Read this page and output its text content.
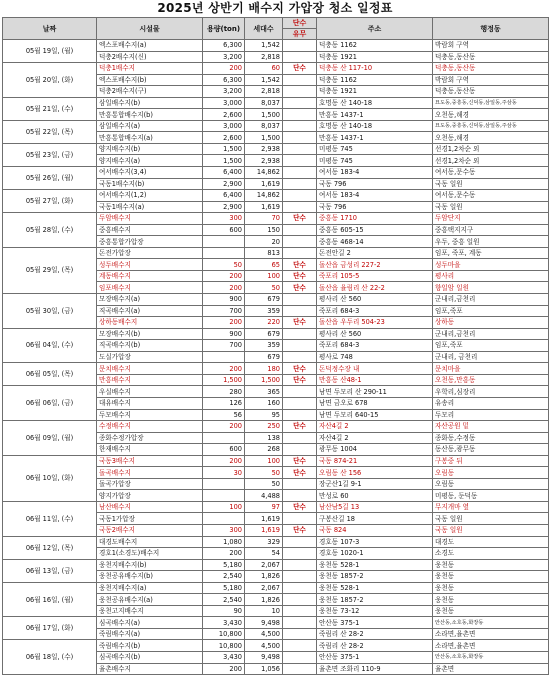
2025년 상반기 배수지 가압장 청소 일정표
날짜	시설물	용량(ton)	세대수	단수	주소	행정동
				유무		
05월 19일, (월)	엑스포배수지(a)	6,300	1,542		덕충동 1162	박람회 구역
	덕충2배수지(신)	3,200	2,818		덕충동 1921	덕충동,동산동
05월 20일, (화)	덕충1배수지	200	60	단수	덕충동 산 117-10	덕충동,동산동
	엑스포배수지(b)	6,300	1,542		덕충동 1162	박람회 구역
	덕충2배수지(구)	3,200	2,818		덕충동 1921	덕충동,동산동
05월 21일, (수)	삼일배수지(b)	3,000	8,037		호명동 산 140-18	묘도동,중흥동,신덕동,삼일동,주삼동
	만흥통합배수지(b)	2,600	1,500		만흥동 1437-1	오천동,해경
05월 22일, (목)	삼일배수지(a)	3,000	8,037		호명동 산 140-18	묘도동,중흥동,신덕동,삼일동,주삼동
	만흥통합배수지(a)	2,600	1,500		만흥동 1437-1	오천동,해경
05월 23일, (금)	양지배수지(b)	1,500	2,938		미평동 745	선경1,2차순 외
	양지배수지(a)	1,500	2,938		미평동 745	선경1,2차순 외
05월 26일, (월)	여서배수지(3,4)	6,400	14,862		여서동 183-4	여서동,문수동
	국동1배수지(b)	2,900	1,619		국동 796	국동 일원
05월 27일, (화)	여서배수지(1,2)	6,400	14,862		여서동 183-4	여서동,문수동
	국동1배수지(a)	2,900	1,619		국동 796	국동 일원
05월 28일, (수)	두암배수지	300	70	단수	중흥동 1710	두암단지
	중흥배수지	600	150		중흥동 605-15	중흥택지지구
	중흥통합가압장		20		중흥동 468-14	우두, 중흥 일원
05월 29일, (목)	돈전가압장		813		돈전안길 2	임포, 죽포, 계동
	성두배수지	50	65	단수	돌산읍 금성리 227-2	성두마을
	계동배수지	200	100	단수	죽포리 105-5	평사리
	임포배수지	200	50	단수	돌산읍 율림리 산 22-2	향일암 일원
05월 30일, (금)	모장배수지(a)	900	679		평사리 산 560	군내리,금천리
	직곡배수지(a)	700	359		죽포리 684-3	임포,죽포
	상하동배수지	200	220	단수	돌산읍 우두리 504-23	상하동
06월 04일, (수)	모장배수지(b)	900	679		평사리 산 560	군내리,금천리
	직곡배수지(b)	700	359		죽포리 684-3	임포,죽포
	도실가압장		679		평사로 748	군내리, 금천리
06월 05일, (목)	문치배수지	200	180	단수	돈덕정수장 내	문치마을
	만흥배수지	1,500	1,500	단수	만흥동 산48-1	오천동,만흥동
06월 06일, (금)	우실배수지	280	365		남면 두모리 산 290-11	우학리,심장리
	대유배수지	126	160		남면 금오로 678	유송리
	두모배수지	56	95		남면 두모리 640-15	두모리
06월 09일, (월)	수정배수지	200	250	단수	자산4길 2	자산공원 밑
	종화수정가압장		138		자산4길 2	종화동,수정동
	한재배수지	600	268		광무동 1004	동산동,광무동
06월 10일, (화)	국동3배수지	200	100	단수	국동 874-21	구봉중 뒤
	돌곡배수지	30	50	단수	오림동 산 156	오림동
	돌곡가압장		50		장군산1길 9-1	오림동
	양지가압장		4,488		만성로 60	미평동, 둔덕동
06월 11일, (수)	남산배수지	100	97	단수	남산남5길 13	무지개마 옆
	국동1가압장		1,619		구봉산길 18	국동 일원
	국동2배수지	300	1,619	단수	국동 824	국동 일원
06월 12일, (목)	대경도배수지	1,080	329		경호동 107-3	대경도
	경호1(소경도)배수지	200	54		경호동 1020-1	소경도
06월 13일, (금)	웅천지배수지(b)	5,180	2,067		웅천동 528-1	웅천동
	웅천공유배수지(b)	2,540	1,826		웅천동 1857-2	웅천동
06월 16일, (월)	웅천지배수지(a)	5,180	2,067		웅천동 528-1	웅천동
	웅천공유배수지(a)	2,540	1,826		웅천동 1857-2	웅천동
	웅천고지배수지	90	10		웅천동 73-12	웅천동
06월 17일, (화)	심곡배수지(a)	3,430	9,498		안산동 375-1	안산동,소호동,화장동
	죽림배수지(a)	10,800	4,500		죽림리 산 28-2	소라면,율촌면
06월 18일, (수)	죽림배수지(b)	10,800	4,500		죽림리 산 28-2	소라면,율촌면
	심곡배수지(b)	3,430	9,498		안산동 375-1	안산동,소호동,화장동
	율촌배수지	200	1,056		율촌면 조화리 110-9	율촌면
